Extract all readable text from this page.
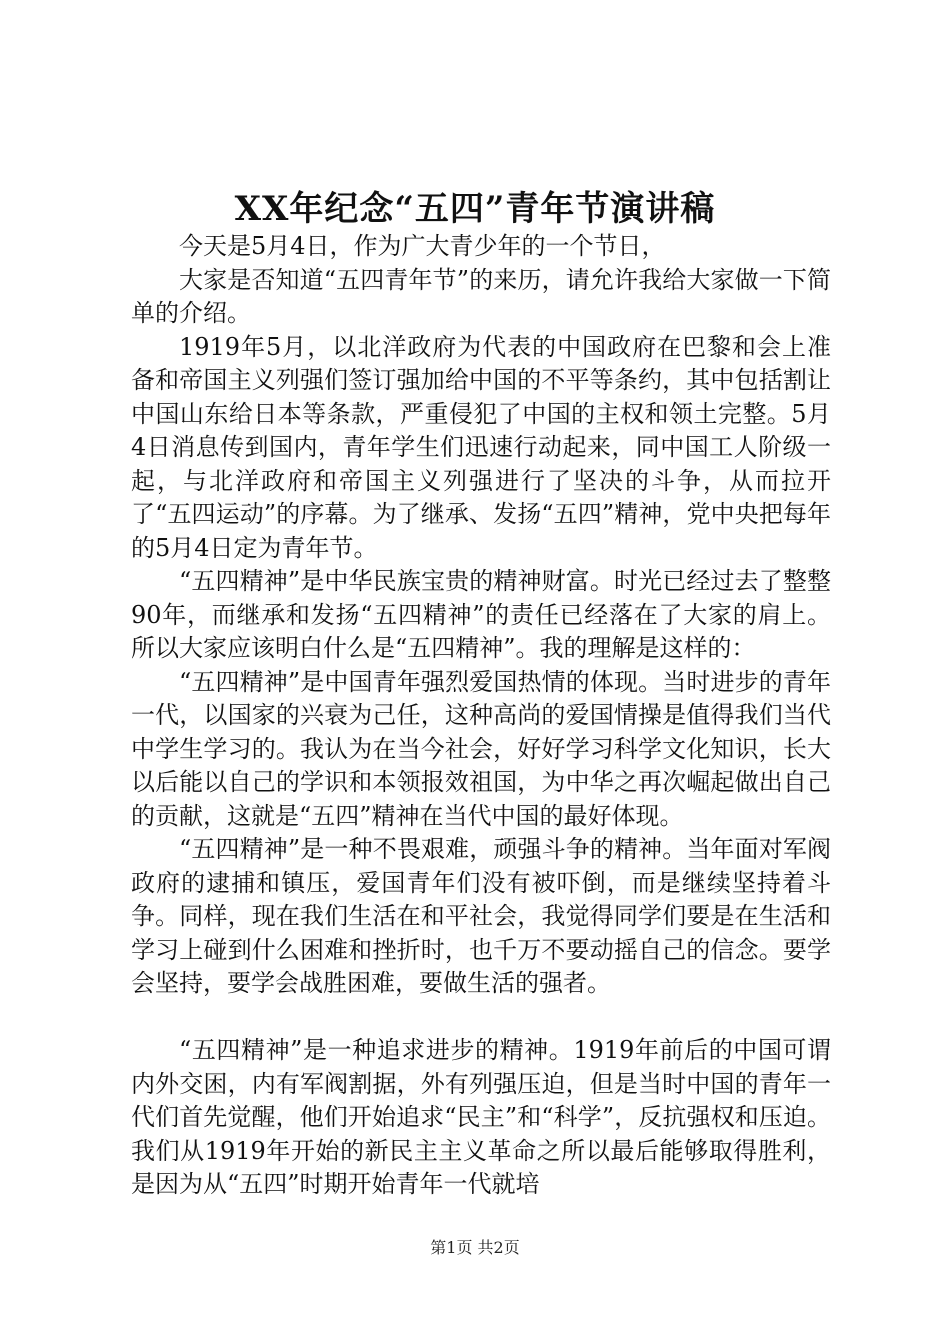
XX年纪念“五四”青年节演讲稿

今天是5月4日，作为广大青少年的一个节日，

大家是否知道“五四青年节”的来历，请允许我给大家做一下简单的介绍。

1919年5月，以北洋政府为代表的中国政府在巴黎和会上准备和帝国主义列强们签订强加给中国的不平等条约，其中包括割让中国山东给日本等条款，严重侵犯了中国的主权和领土完整。5月4日消息传到国内，青年学生们迅速行动起来，同中国工人阶级一起，与北洋政府和帝国主义列强进行了坚决的斗争，从而拉开了“五四运动”的序幕。为了继承、发扬“五四”精神，党中央把每年的5月4日定为青年节。

“五四精神”是中华民族宝贵的精神财富。时光已经过去了整整90年，而继承和发扬“五四精神”的责任已经落在了大家的肩上。所以大家应该明白什么是“五四精神”。我的理解是这样的：

“五四精神”是中国青年强烈爱国热情的体现。当时进步的青年一代，以国家的兴衰为己任，这种高尚的爱国情操是值得我们当代中学生学习的。我认为在当今社会，好好学习科学文化知识，长大以后能以自己的学识和本领报效祖国，为中华之再次崛起做出自己的贡献，这就是“五四”精神在当代中国的最好体现。

“五四精神”是一种不畏艰难，顽强斗争的精神。当年面对军阀政府的逮捕和镇压，爱国青年们没有被吓倒，而是继续坚持着斗争。同样，现在我们生活在和平社会，我觉得同学们要是在生活和学习上碰到什么困难和挫折时，也千万不要动摇自己的信念。要学会坚持，要学会战胜困难，要做生活的强者。

“五四精神”是一种追求进步的精神。1919年前后的中国可谓内外交困，内有军阀割据，外有列强压迫，但是当时中国的青年一代们首先觉醒，他们开始追求“民主”和“科学”，反抗强权和压迫。我们从1919年开始的新民主主义革命之所以最后能够取得胜利，是因为从“五四”时期开始青年一代就培

第1页 共2页
